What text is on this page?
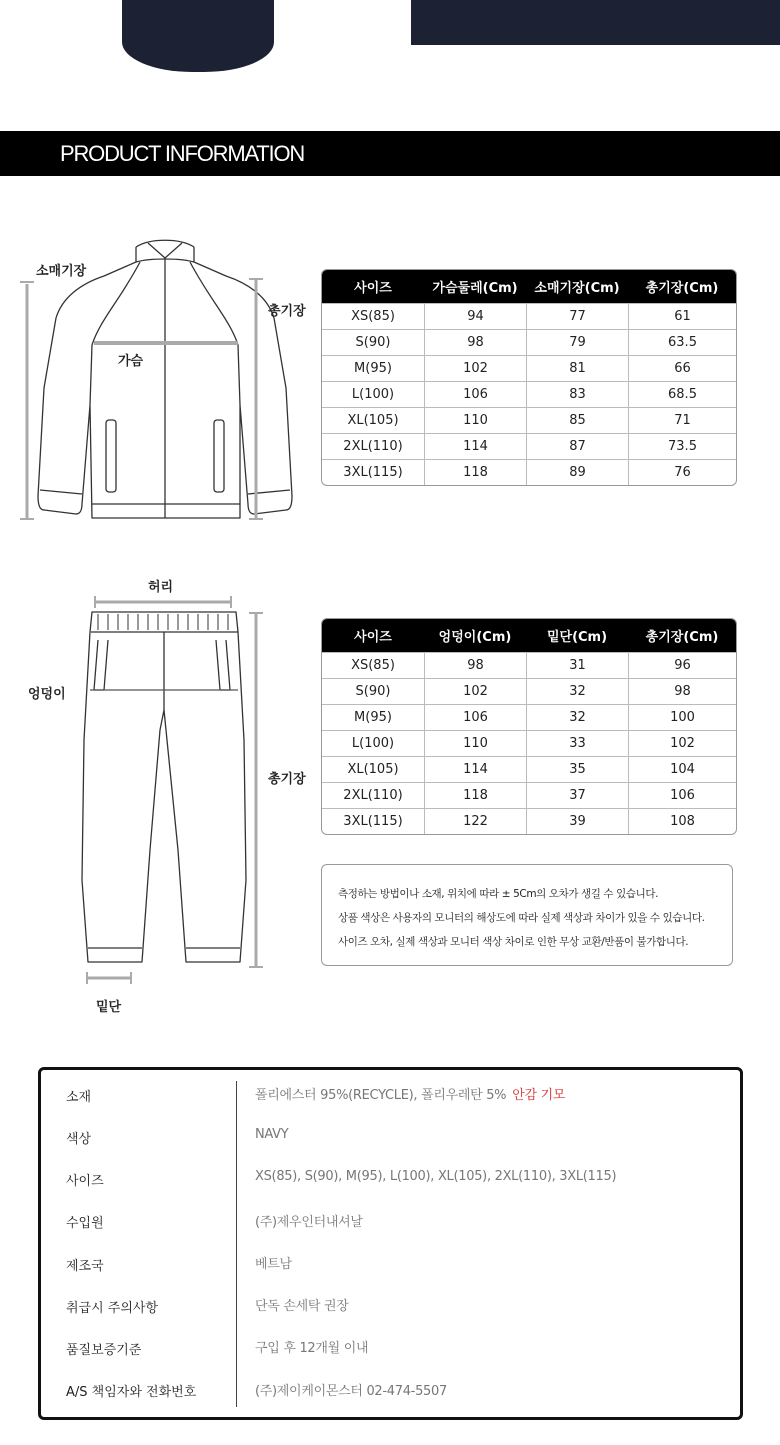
PRODUCT INFORMATION
소매기장
총기장
가슴
사이즈	가슴둘레(Cm)	소매기장(Cm)	총기장(Cm)
XS(85)	94	77	61
S(90)	98	79	63.5
M(95)	102	81	66
L(100)	106	83	68.5
XL(105)	110	85	71
2XL(110)	114	87	73.5
3XL(115)	118	89	76
허리
엉덩이
총기장
밑단
사이즈	엉덩이(Cm)	밑단(Cm)	총기장(Cm)
XS(85)	98	31	96
S(90)	102	32	98
M(95)	106	32	100
L(100)	110	33	102
XL(105)	114	35	104
2XL(110)	118	37	106
3XL(115)	122	39	108
측정하는 방법이나 소재, 위치에 따라 ± 5Cm의 오차가 생길 수 있습니다.
상품 색상은 사용자의 모니터의 해상도에 따라 실제 색상과 차이가 있을 수 있습니다.
사이즈 오차, 실제 색상과 모니터 색상 차이로 인한 무상 교환/반품이 불가합니다.
소재	폴리에스터 95%(RECYCLE), 폴리우레탄 5% 안감 기모
색상	NAVY
사이즈	XS(85), S(90), M(95), L(100), XL(105), 2XL(110), 3XL(115)
수입원	(주)제우인터내셔날
제조국	베트남
취급시 주의사항	단독 손세탁 권장
품질보증기준	구입 후 12개월 이내
A/S 책임자와 전화번호	(주)제이케이몬스터 02-474-5507
